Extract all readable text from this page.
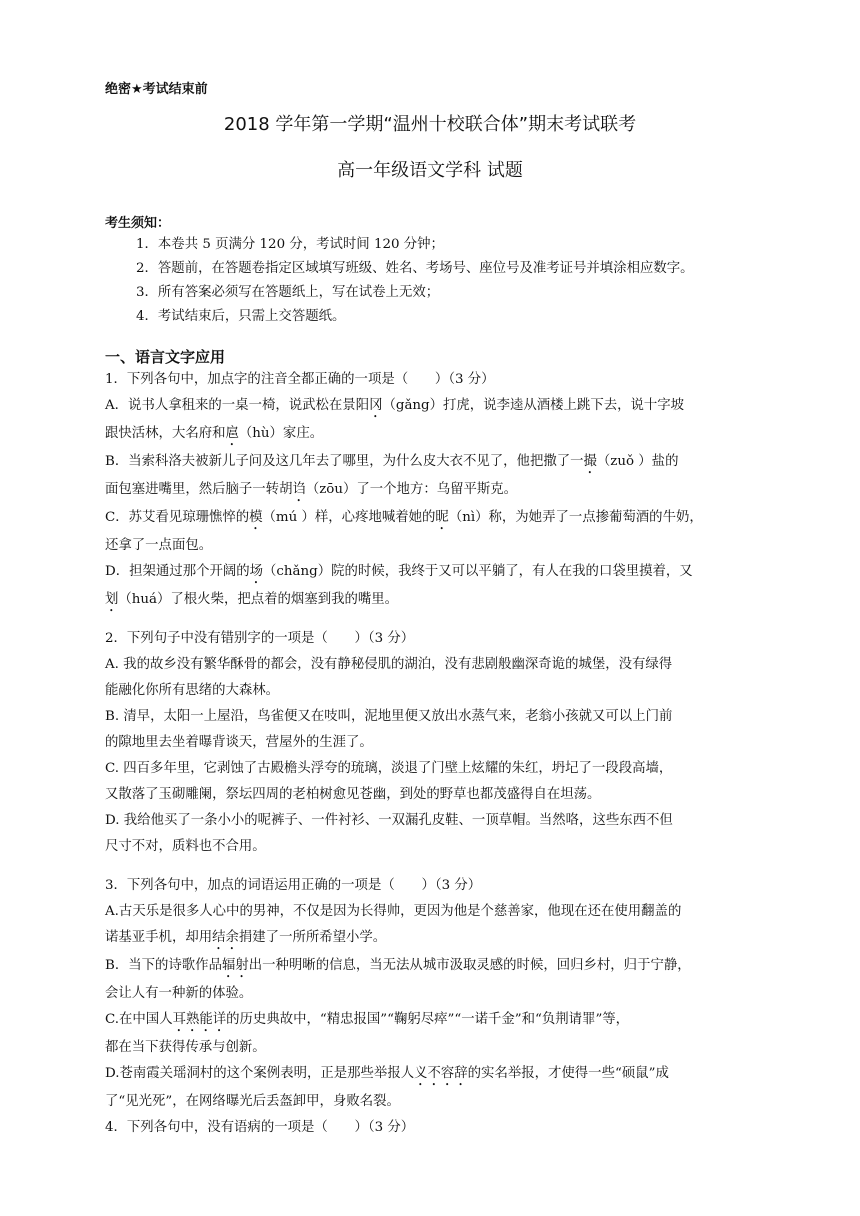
绝密★考试结束前
2018 学年第一学期“温州十校联合体”期末考试联考
高一年级语文学科 试题
考生须知：
1．本卷共 5 页满分 120 分，考试时间 120 分钟；
2．答题前，在答题卷指定区域填写班级、姓名、考场号、座位号及准考证号并填涂相应数字。
3．所有答案必须写在答题纸上，写在试卷上无效；
4．考试结束后，只需上交答题纸。
一、语言文字应用

1．下列各句中，加点字的注音全都正确的一项是（　　）（3 分）

A．说书人拿租来的一桌一椅，说武松在景阳冈（gǎng）打虎，说李逵从酒楼上跳下去，说十字坡

跟快活林，大名府和扈（hù）家庄。

B．当索科洛夫被新儿子问及这几年去了哪里，为什么皮大衣不见了，他把撒了一撮（zuǒ ）盐的

面包塞进嘴里，然后脑子一转胡诌（zōu）了一个地方：乌留平斯克。

C．苏艾看见琼珊憔悴的模（mú ）样，心疼地喊着她的昵（nì）称，为她弄了一点掺葡萄酒的牛奶，

还拿了一点面包。

D．担架通过那个开阔的场（chǎng）院的时候，我终于又可以平躺了，有人在我的口袋里摸着，又

划（huá）了根火柴，把点着的烟塞到我的嘴里。

2．下列句子中没有错别字的一项是（　　）（3 分）

A. 我的故乡没有繁华酥骨的都会，没有静秘侵肌的湖泊，没有悲剧般幽深奇诡的城堡，没有绿得

能融化你所有思绪的大森林。

B. 清早，太阳一上屋沿，鸟雀便又在吱叫，泥地里便又放出水蒸气来，老翁小孩就又可以上门前

的隙地里去坐着曝背谈天，营屋外的生涯了。

C. 四百多年里，它剥蚀了古殿檐头浮夸的琉璃，淡退了门壁上炫耀的朱红，坍圮了一段段高墙，

又散落了玉砌雕阑，祭坛四周的老柏树愈见苍幽，到处的野草也都茂盛得自在坦荡。

D. 我给他买了一条小小的呢裤子、一件衬衫、一双漏孔皮鞋、一顶草帽。当然咯，这些东西不但

尺寸不对，质料也不合用。

3．下列各句中，加点的词语运用正确的一项是（　　）（3 分）

A.古天乐是很多人心中的男神，不仅是因为长得帅，更因为他是个慈善家，他现在还在使用翻盖的

诺基亚手机，却用结余捐建了一所所希望小学。

B．当下的诗歌作品辐射出一种明晰的信息，当无法从城市汲取灵感的时候，回归乡村，归于宁静，

会让人有一种新的体验。

C.在中国人耳熟能详的历史典故中，“精忠报国”“鞠躬尽瘁”“一诺千金”和“负荆请罪”等，

都在当下获得传承与创新。

D.苍南霞关瑶洞村的这个案例表明，正是那些举报人义不容辞的实名举报，才使得一些“硕鼠”成

了“见光死”，在网络曝光后丢盔卸甲，身败名裂。

4．下列各句中，没有语病的一项是（　　）（3 分）
